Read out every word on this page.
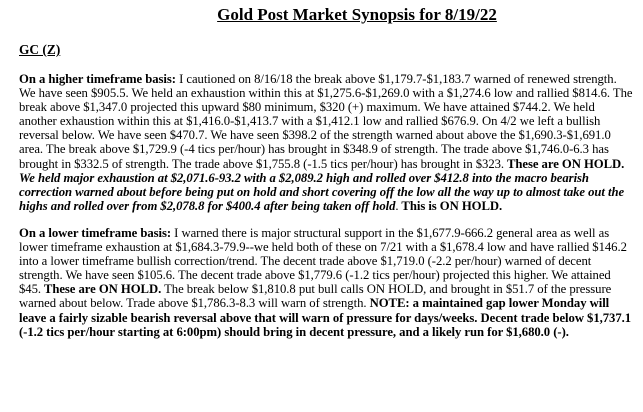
Gold Post Market Synopsis for 8/19/22

GC (Z)

On a higher timeframe basis: I cautioned on 8/16/18 the break above $1,179.7-$1,183.7 warned of renewed strength. We have seen $905.5. We held an exhaustion within this at $1,275.6-$1,269.0 with a $1,274.6 low and rallied $814.6. The break above $1,347.0 projected this upward $80 minimum, $320 (+) maximum. We have attained $744.2. We held another exhaustion within this at $1,416.0-$1,413.7 with a $1,412.1 low and rallied $676.9. On 4/2 we left a bullish reversal below. We have seen $470.7. We have seen $398.2 of the strength warned about above the $1,690.3-$1,691.0 area. The break above $1,729.9 (-4 tics per/hour) has brought in $348.9 of strength. The trade above $1,746.0-6.3 has brought in $332.5 of strength. The trade above $1,755.8 (-1.5 tics per/hour) has brought in $323. These are ON HOLD. We held major exhaustion at $2,071.6-93.2 with a $2,089.2 high and rolled over $412.8 into the macro bearish correction warned about before being put on hold and short covering off the low all the way up to almost take out the highs and rolled over from $2,078.8 for $400.4 after being taken off hold. This is ON HOLD.

On a lower timeframe basis: I warned there is major structural support in the $1,677.9-666.2 general area as well as lower timeframe exhaustion at $1,684.3-79.9--we held both of these on 7/21 with a $1,678.4 low and have rallied $146.2 into a lower timeframe bullish correction/trend. The decent trade above $1,719.0 (-2.2 per/hour) warned of decent strength. We have seen $105.6. The decent trade above $1,779.6 (-1.2 tics per/hour) projected this higher. We attained $45. These are ON HOLD. The break below $1,810.8 put bull calls ON HOLD, and brought in $51.7 of the pressure warned about below. Trade above $1,786.3-8.3 will warn of strength. NOTE: a maintained gap lower Monday will leave a fairly sizable bearish reversal above that will warn of pressure for days/weeks. Decent trade below $1,737.1 (-1.2 tics per/hour starting at 6:00pm) should bring in decent pressure, and a likely run for $1,680.0 (-).
